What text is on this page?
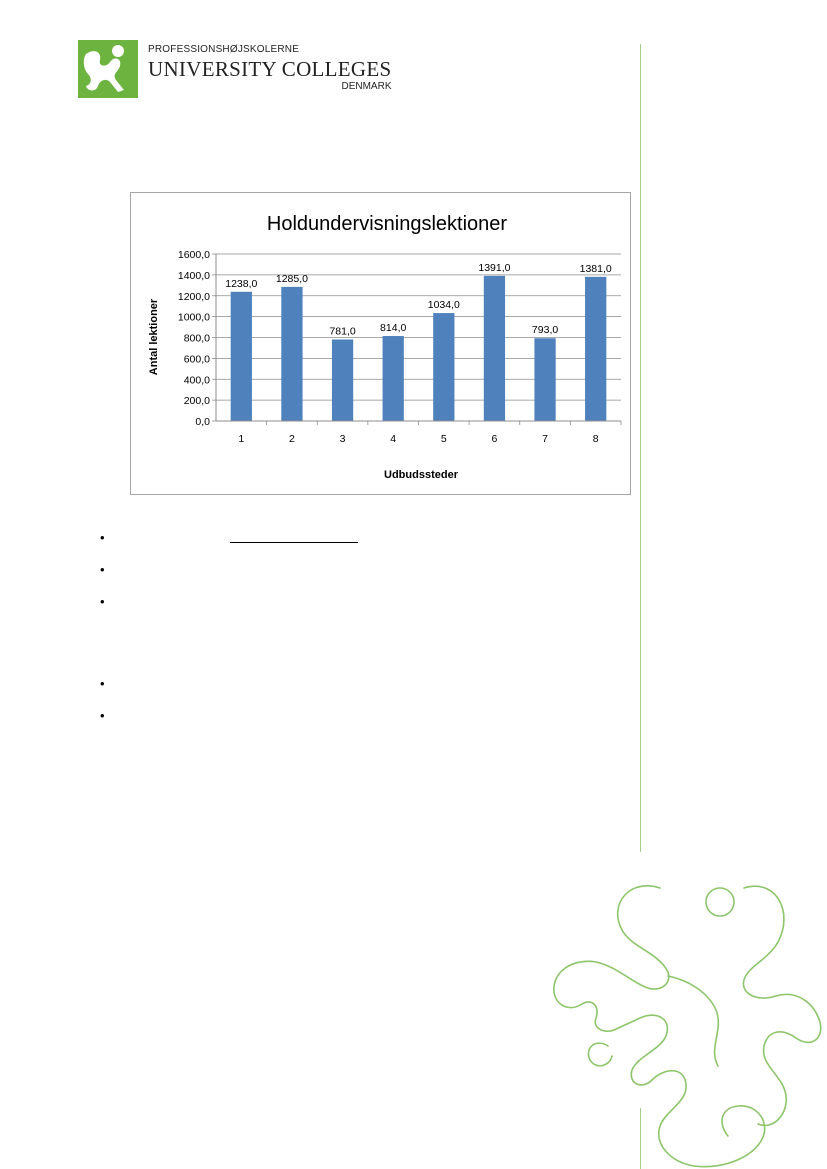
PROFESSIONSHØJSKOLERNE
UNIVERSITY COLLEGES
DENMARK
Holdundervisningslektioner
1238,0 1285,0
781,0 814,0
1034,0
1391,0
793,0
1381,0
0,0
200,0
400,0
600,0
800,0
1000,0
1200,0
1400,0
1600,0
1	2	3	4	5	6	7	8
Udbudssteder
Antal lektioner
•
•
•
•
•
